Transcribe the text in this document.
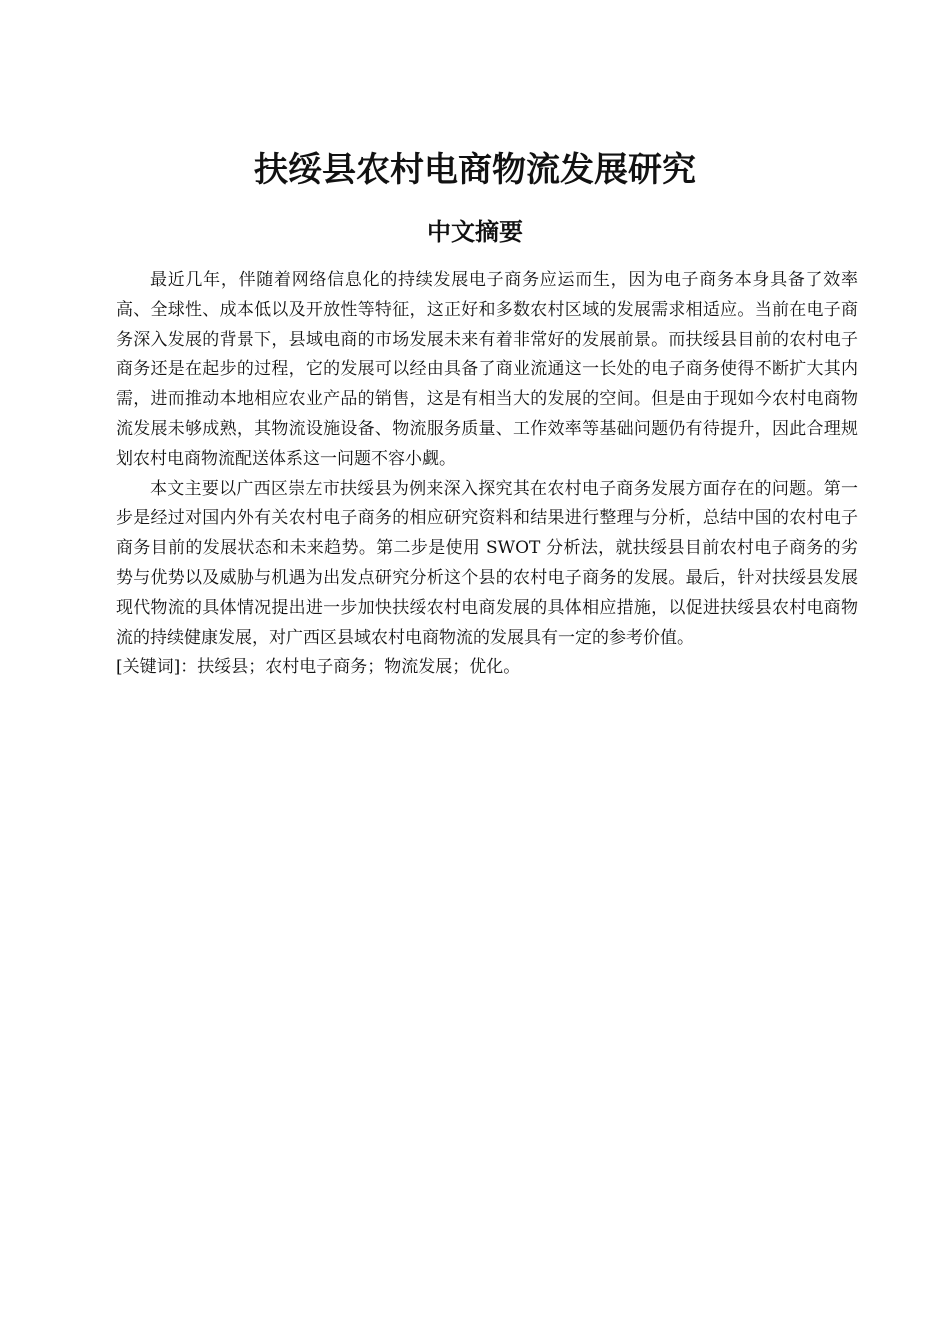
扶绥县农村电商物流发展研究
中文摘要

最近几年，伴随着网络信息化的持续发展电子商务应运而生，因为电子商务本身具备了效率高、全球性、成本低以及开放性等特征，这正好和多数农村区域的发展需求相适应。当前在电子商务深入发展的背景下，县域电商的市场发展未来有着非常好的发展前景。而扶绥县目前的农村电子商务还是在起步的过程，它的发展可以经由具备了商业流通这一长处的电子商务使得不断扩大其内需，进而推动本地相应农业产品的销售，这是有相当大的发展的空间。但是由于现如今农村电商物流发展未够成熟，其物流设施设备、物流服务质量、工作效率等基础问题仍有待提升，因此合理规划农村电商物流配送体系这一问题不容小觑。

本文主要以广西区崇左市扶绥县为例来深入探究其在农村电子商务发展方面存在的问题。第一步是经过对国内外有关农村电子商务的相应研究资料和结果进行整理与分析，总结中国的农村电子商务目前的发展状态和未来趋势。第二步是使用 SWOT 分析法，就扶绥县目前农村电子商务的劣势与优势以及威胁与机遇为出发点研究分析这个县的农村电子商务的发展。最后，针对扶绥县发展现代物流的具体情况提出进一步加快扶绥农村电商发展的具体相应措施，以促进扶绥县农村电商物流的持续健康发展，对广西区县域农村电商物流的发展具有一定的参考价值。

[关键词]：扶绥县；农村电子商务；物流发展；优化。
